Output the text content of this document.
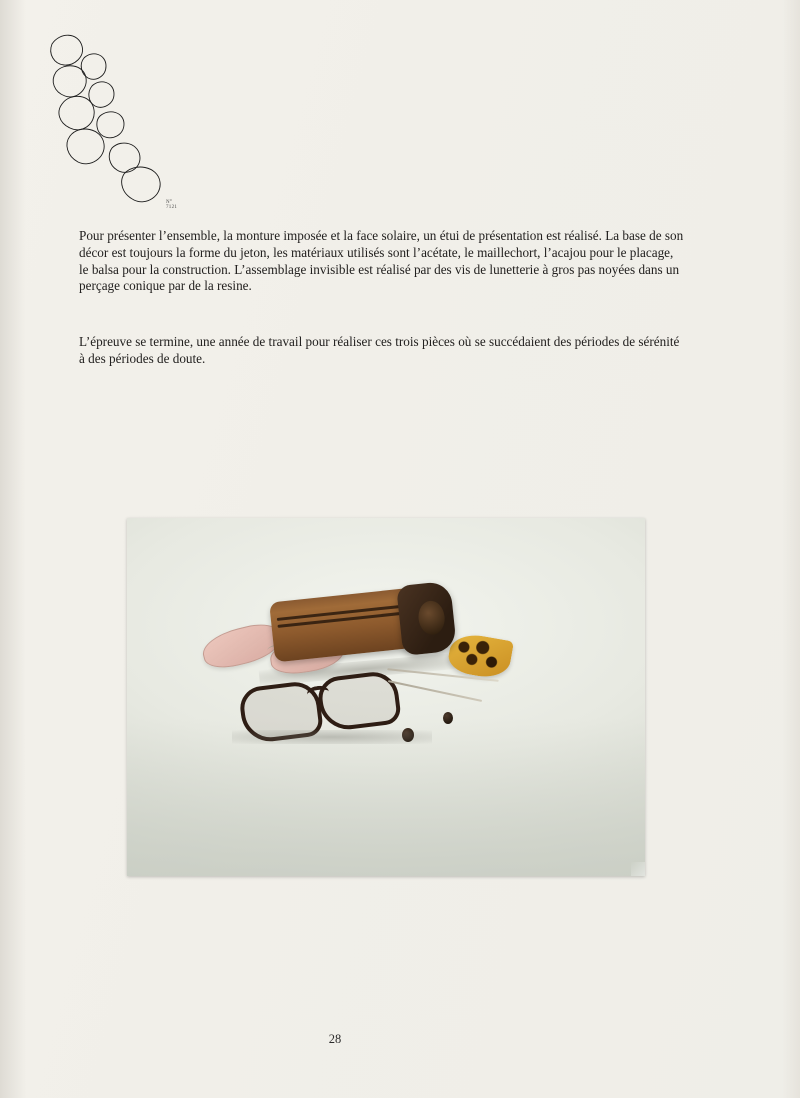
N° 7121
Pour présenter l’ensemble, la monture imposée et la face solaire, un étui de présentation est réalisé. La base de son décor est toujours la forme du jeton, les matériaux utilisés sont l’acétate, le maillechort, l’acajou pour le placage, le balsa pour la construction. L’assemblage invisible est réalisé par des vis de lunetterie à gros pas noyées dans un perçage conique par de la resine.
L’épreuve se termine, une année de travail pour réaliser ces trois pièces où se succédaient des périodes de sérénité à des périodes de doute.
28
